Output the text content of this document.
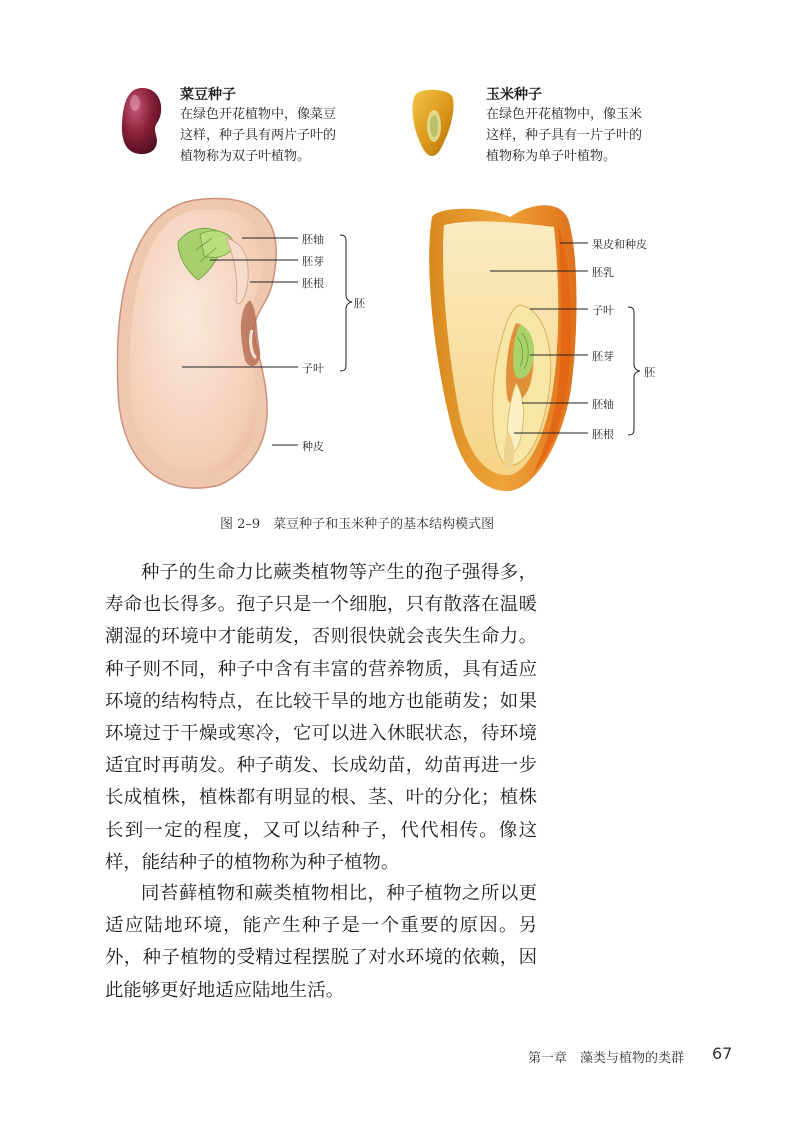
菜豆种子
在绿色开花植物中，像菜豆
这样，种子具有两片子叶的
植物称为双子叶植物。
玉米种子
在绿色开花植物中，像玉米
这样，种子具有一片子叶的
植物称为单子叶植物。
胚轴
胚芽
胚根
胚
子叶
种皮
果皮和种皮
胚乳
子叶
胚芽
胚
胚轴
胚根
图 2–9　菜豆种子和玉米种子的基本结构模式图

种子的生命力比蕨类植物等产生的孢子强得多，寿命也长得多。孢子只是一个细胞，只有散落在温暖潮湿的环境中才能萌发，否则很快就会丧失生命力。种子则不同，种子中含有丰富的营养物质，具有适应环境的结构特点，在比较干旱的地方也能萌发；如果环境过于干燥或寒冷，它可以进入休眠状态，待环境适宜时再萌发。种子萌发、长成幼苗，幼苗再进一步长成植株，植株都有明显的根、茎、叶的分化；植株长到一定的程度，又可以结种子，代代相传。像这样，能结种子的植物称为种子植物。

同苔藓植物和蕨类植物相比，种子植物之所以更适应陆地环境，能产生种子是一个重要的原因。另外，种子植物的受精过程摆脱了对水环境的依赖，因此能够更好地适应陆地生活。

第一章　藻类与植物的类群 67
